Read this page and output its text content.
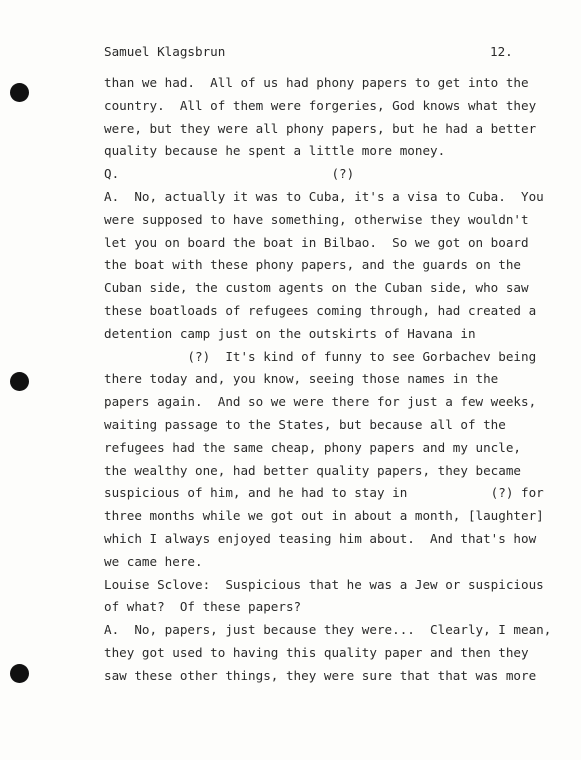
Samuel Klagsbrun	12.
than we had.  All of us had phony papers to get into the
country.  All of them were forgeries, God knows what they
were, but they were all phony papers, but he had a better
quality because he spent a little more money.
Q.                            (?)
A.  No, actually it was to Cuba, it's a visa to Cuba.  You
were supposed to have something, otherwise they wouldn't
let you on board the boat in Bilbao.  So we got on board
the boat with these phony papers, and the guards on the
Cuban side, the custom agents on the Cuban side, who saw
these boatloads of refugees coming through, had created a
detention camp just on the outskirts of Havana in
(?)  It's kind of funny to see Gorbachev being
there today and, you know, seeing those names in the
papers again.  And so we were there for just a few weeks,
waiting passage to the States, but because all of the
refugees had the same cheap, phony papers and my uncle,
the wealthy one, had better quality papers, they became
suspicious of him, and he had to stay in           (?) for
three months while we got out in about a month, [laughter]
which I always enjoyed teasing him about.  And that's how
we came here.
Louise Sclove:  Suspicious that he was a Jew or suspicious
of what?  Of these papers?
A.  No, papers, just because they were...  Clearly, I mean,
they got used to having this quality paper and then they
saw these other things, they were sure that that was more
